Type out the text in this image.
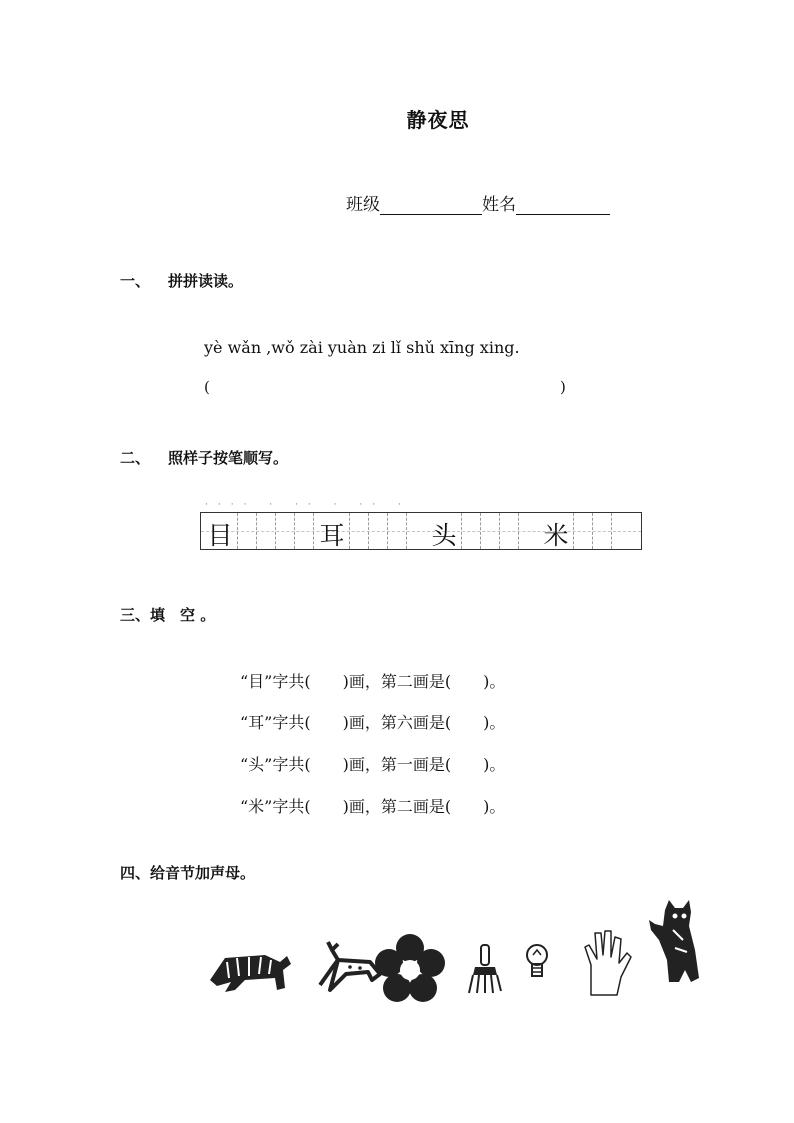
静夜思
班级	姓名
一、 拼拼读读。
yè wǎn ,wǒ zài yuàn zi lǐ shǔ xīng xing.
(	)
二、 照样子按笔顺写。
···· · ·· · ·· ·
目	耳	头	米
三、填　空 。
“目”字共(　　)画，第二画是(　　)。
“耳”字共(　　)画，第六画是(　　)。
“头”字共(　　)画，第一画是(　　)。
“米”字共(　　)画，第二画是(　　)。
四、给音节加声母。
